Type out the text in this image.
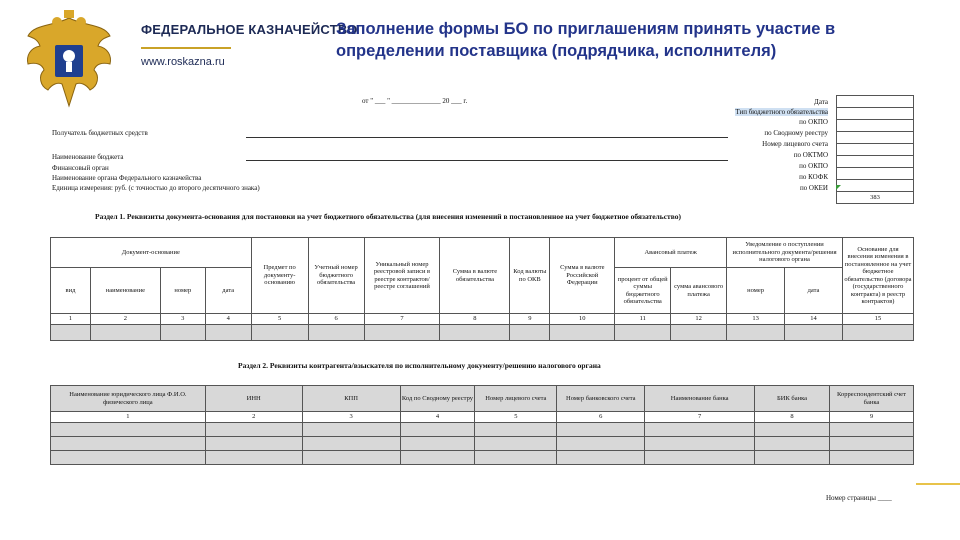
ФЕДЕРАЛЬНОЕ КАЗНАЧЕЙСТВО
www.roskazna.ru
Заполнение формы БО по приглашениям принять участие в определении поставщика (подрядчика, исполнителя)
от " ___ " ______________ 20 ___ г.
Получатель бюджетных средств
Наименование бюджета
Финансовый орган
Наименование органа Федерального казначейства
Единица измерения: руб. (с точностью до второго десятичного знака)
Дата
Тип бюджетного обязательства
по ОКПО
по Сводному реестру
Номер лицевого счета
по ОКТМО
по ОКПО
по КОФК
по ОКЕИ

383
Раздел 1. Реквизиты документа-основания для постановки на учет бюджетного обязательства (для внесения изменений в постановленное на учет бюджетное обязательство)
Документ-основание				Предмет по документу-основанию	Учетный номер бюджетного обязательства	Уникальный номер реестровой записи в реестре контрактов/ реестре соглашений	Сумма в валюте обязательства	Код валюты по ОКВ	Сумма в валюте Российской Федерации	Авансовый платеж		Уведомление о поступлении исполнительного документа/решения налогового органа		Основание для внесения изменения в постановленное на учет бюджетное обязательство (договора (государственного контракта) в реестр контрактов)
вид	наименование	номер	дата							процент от общей суммы бюджетного обязательства	сумма авансового платежа	номер	дата	
1	2	3	4	5	6	7	8	9	10	11	12	13	14	15

Раздел 2. Реквизиты контрагента/взыскателя по исполнительному документу/решению налогового органа
Наименование юридического лица Ф.И.О. физического лица	ИНН	КПП	Код по Сводному реестру	Номер лицевого счета	Номер банковского счета	Наименование банка	БИК банка	Корреспондентский счет банка
1	2	3	4	5	6	7	8	9

Номер страницы ____
